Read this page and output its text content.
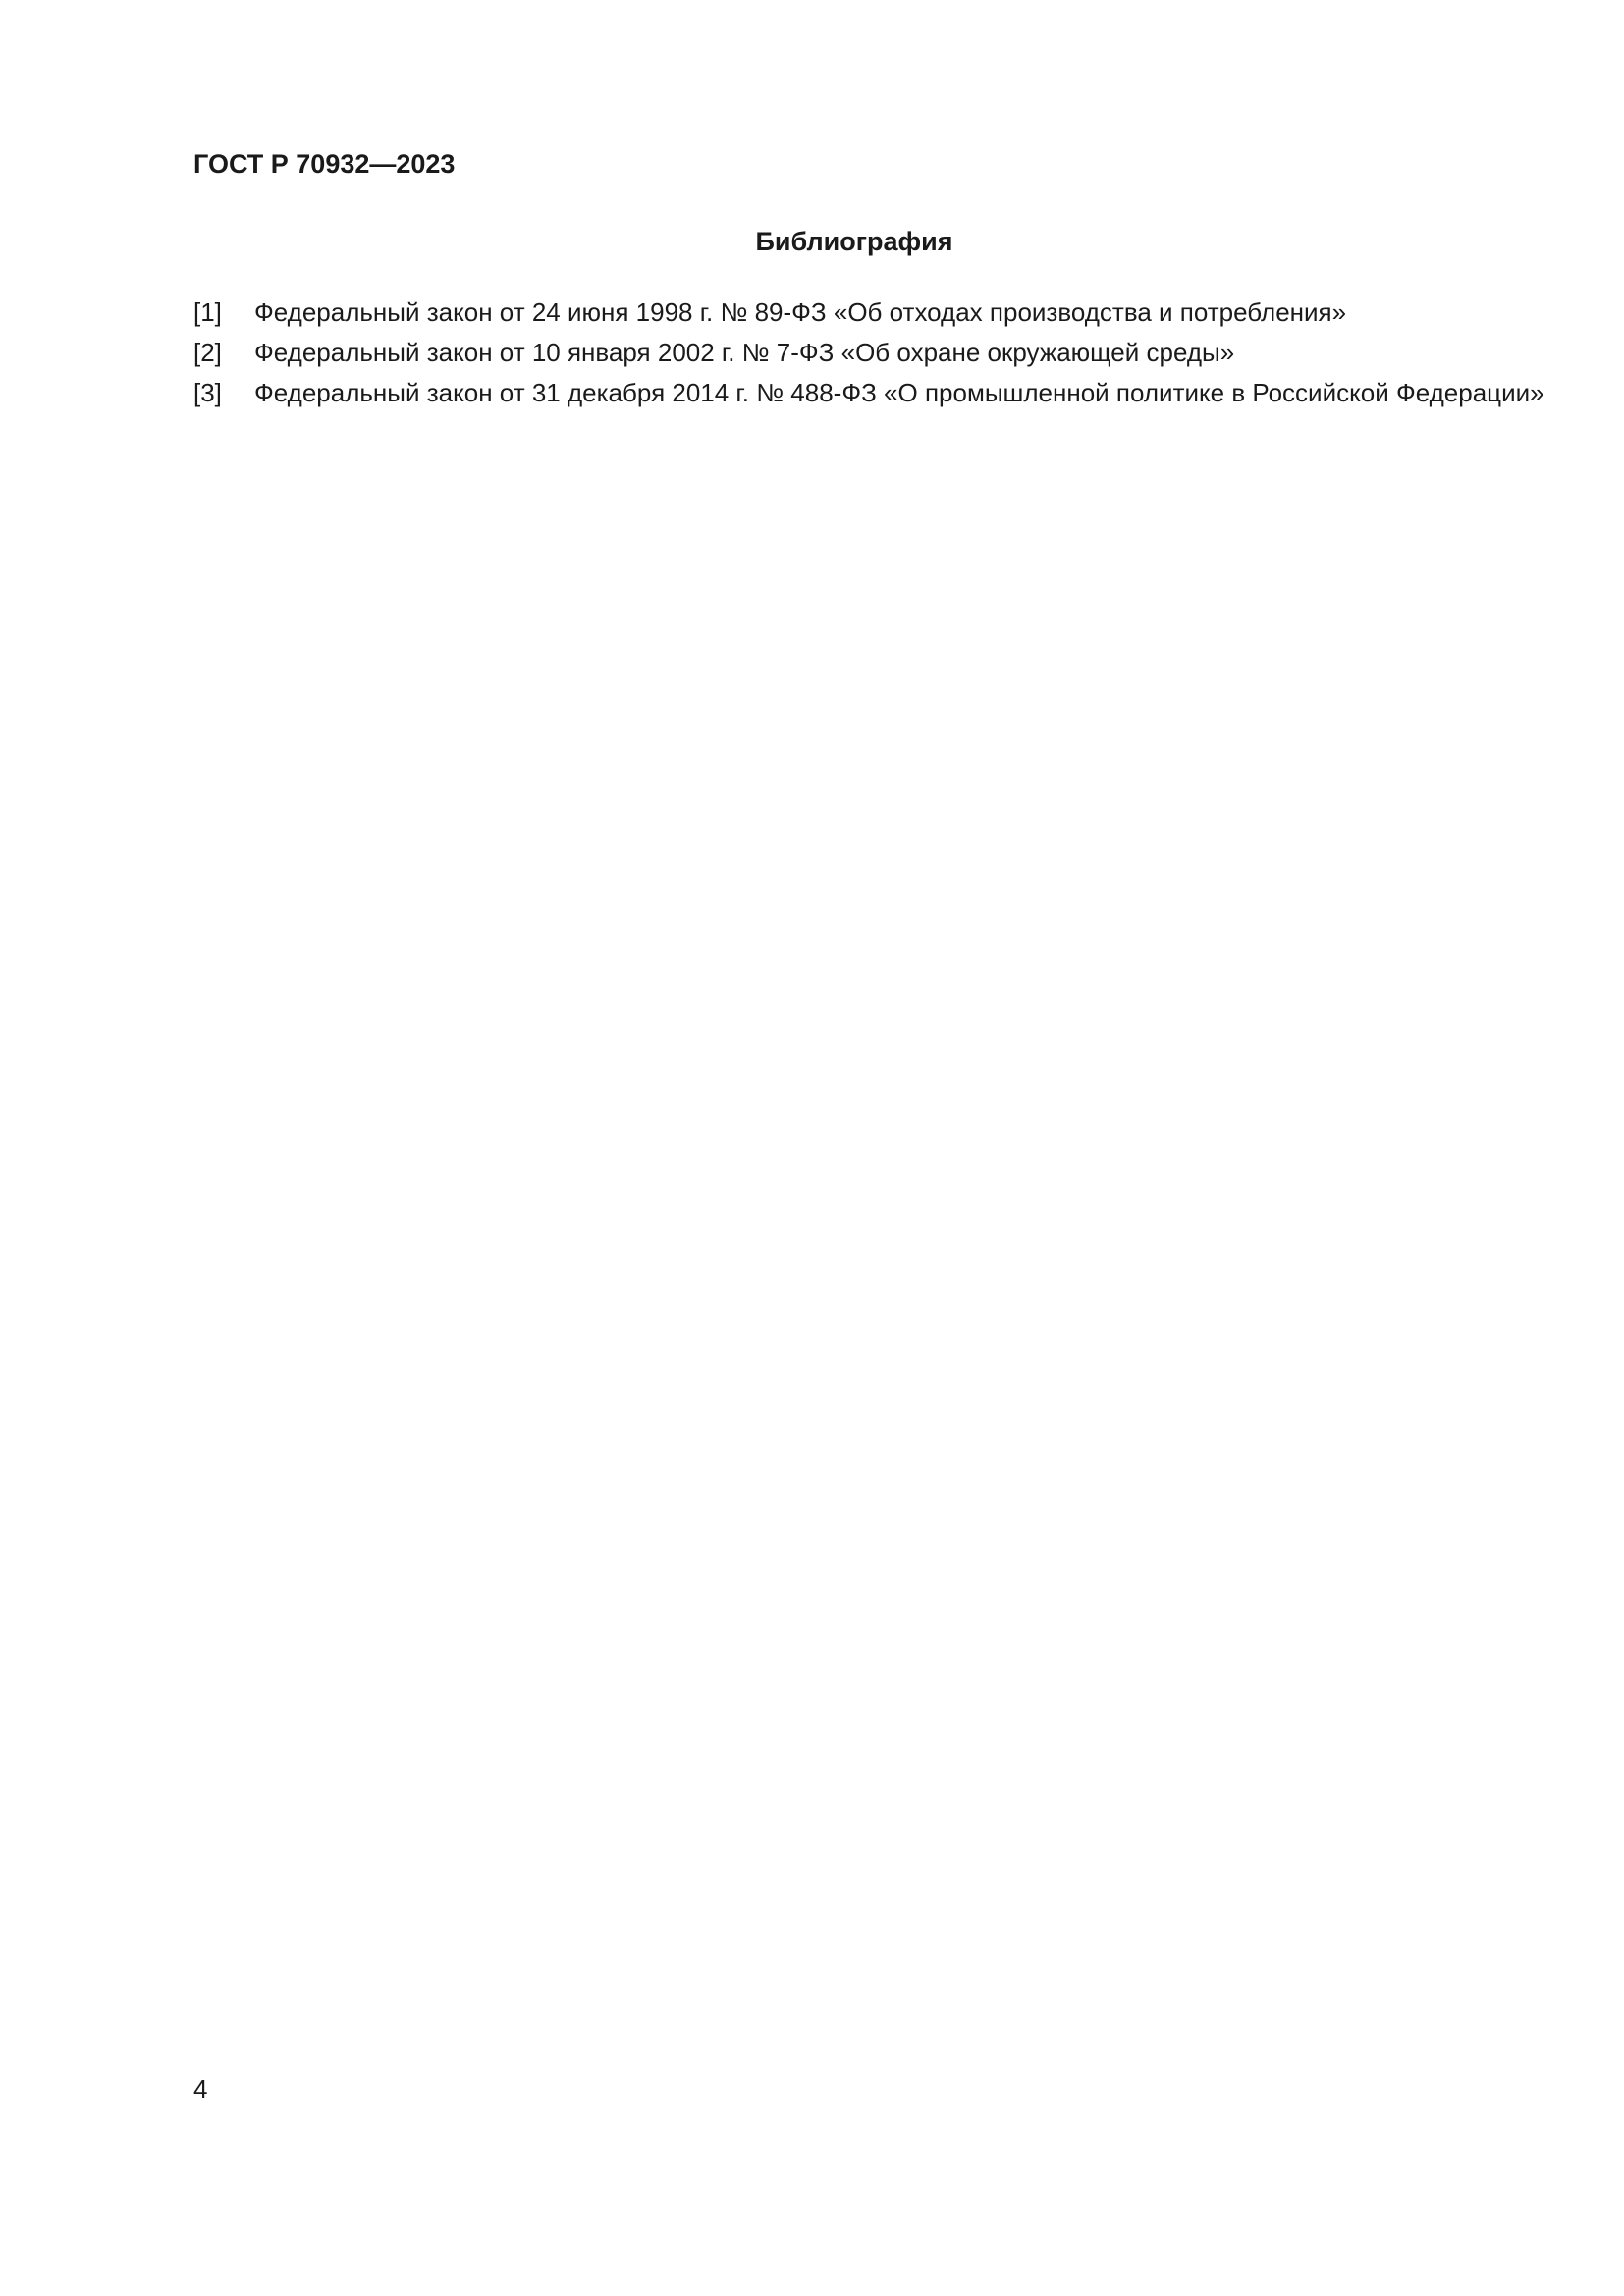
ГОСТ Р 70932—2023
Библиография
[1] Федеральный закон от 24 июня 1998 г. № 89-ФЗ «Об отходах производства и потребления»
[2] Федеральный закон от 10 января 2002 г. № 7-ФЗ «Об охране окружающей среды»
[3] Федеральный закон от 31 декабря 2014 г. № 488-ФЗ «О промышленной политике в Российской Федерации»
4
